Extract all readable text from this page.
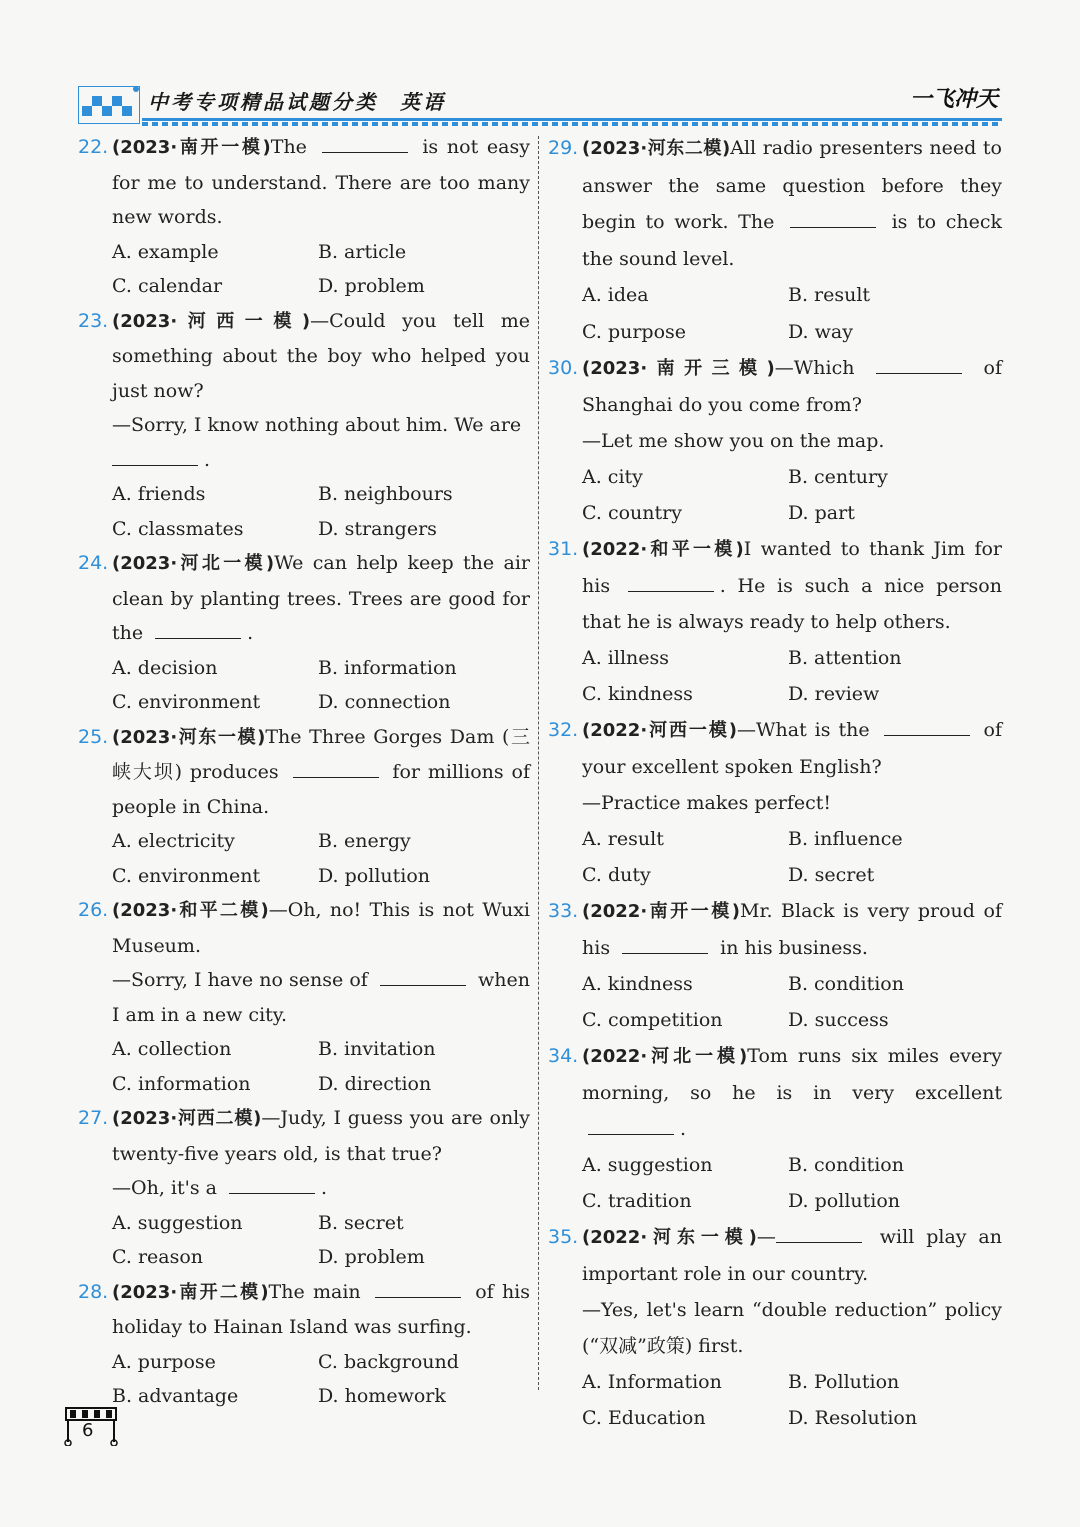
中考专项精品试题分类 英语	一飞冲天
22. (2023·南开一模)The	is not easy for me to understand. There are too many new words.
A. example	B. article
C. calendar	D. problem
23. (2023·河西一模)—Could you tell me something about the boy who helped you just now?
—Sorry, I know nothing about him. We are
.
A. friends	B. neighbours
C. classmates	D. strangers
24. (2023·河北一模)We can help keep the air clean by planting trees. Trees are good for the	.
A. decision	B. information
C. environment	D. connection
25. (2023·河东一模)The Three Gorges Dam (三峡大坝) produces	for millions of people in China.
A. electricity	B. energy
C. environment	D. pollution
26. (2023·和平二模)—Oh, no! This is not Wuxi Museum.
—Sorry, I have no sense of	when I am in a new city.
A. collection	B. invitation
C. information	D. direction
27. (2023·河西二模)—Judy, I guess you are only twenty-five years old, is that true?
—Oh, it's a	.
A. suggestion	B. secret
C. reason	D. problem
28. (2023·南开二模)The main	of his holiday to Hainan Island was surfing.
A. purpose	C. background
B. advantage	D. homework
29. (2023·河东二模)All radio presenters need to answer the same question before they begin to work. The	is to check the sound level.
A. idea	B. result
C. purpose	D. way
30. (2023·南开三模)—Which	of Shanghai do you come from?
—Let me show you on the map.
A. city	B. century
C. country	D. part
31. (2022·和平一模)I wanted to thank Jim for his	. He is such a nice person that he is always ready to help others.
A. illness	B. attention
C. kindness	D. review
32. (2022·河西一模)—What is the	of your excellent spoken English?
—Practice makes perfect!
A. result	B. influence
C. duty	D. secret
33. (2022·南开一模)Mr. Black is very proud of his	in his business.
A. kindness	B. condition
C. competition	D. success
34. (2022·河北一模)Tom runs six miles every morning, so he is in very excellent .
A. suggestion	B. condition
C. tradition	D. pollution
35. (2022·河东一模)—	will play an important role in our country.
—Yes, let's learn “double reduction” policy (“双减”政策) first.
A. Information	B. Pollution
C. Education	D. Resolution
6
